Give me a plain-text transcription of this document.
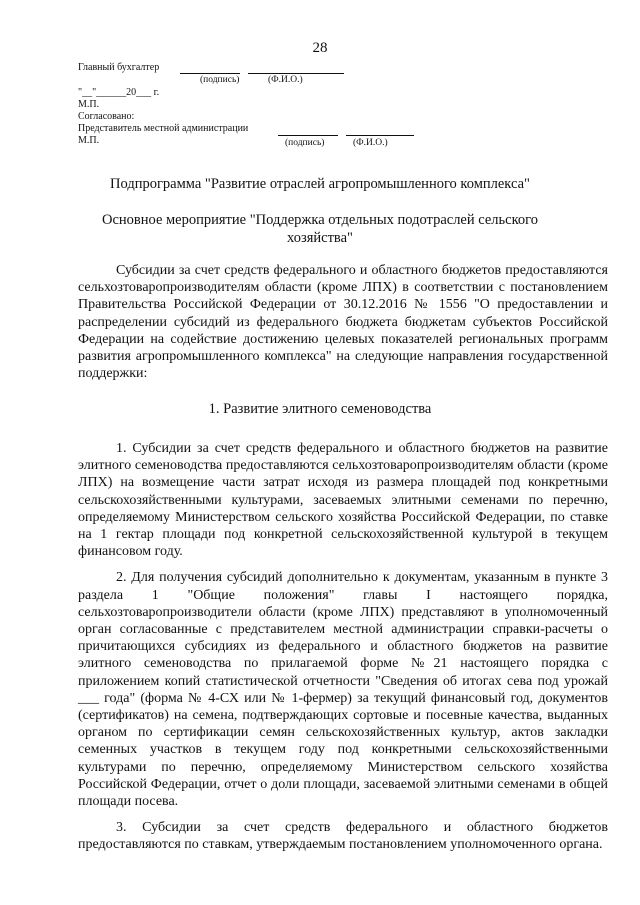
28
Главный бухгалтер
(подпись)	(Ф.И.О.)
"__"______20___ г.
М.П.
Согласовано:
Представитель местной администрации
М.П.	(подпись)	(Ф.И.О.)
Подпрограмма "Развитие отраслей агропромышленного комплекса"
Основное мероприятие "Поддержка отдельных подотраслей сельского
хозяйства"

Субсидии за счет средств федерального и областного бюджетов предоставляются сельхозтоваропроизводителям области (кроме ЛПХ) в соответствии с постановлением Правительства Российской Федерации от 30.12.2016 № 1556 "О предоставлении и распределении субсидий из федерального бюджета бюджетам субъектов Российской Федерации на содействие достижению целевых показателей региональных программ развития агропромышленного комплекса" на следующие направления государственной поддержки:

1. Развитие элитного семеноводства

1. Субсидии за счет средств федерального и областного бюджетов на развитие элитного семеноводства предоставляются сельхозтоваропроизводителям области (кроме ЛПХ) на возмещение части затрат исходя из размера площадей под конкретными сельскохозяйственными культурами, засеваемых элитными семенами по перечню, определяемому Министерством сельского хозяйства Российской Федерации, по ставке на 1 гектар площади под конкретной сельскохозяйственной культурой в текущем финансовом году.

2. Для получения субсидий дополнительно к документам, указанным в пункте 3 раздела 1 "Общие положения" главы I настоящего порядка, сельхозтоваропроизводители области (кроме ЛПХ) представляют в уполномоченный орган согласованные с представителем местной администрации справки-расчеты о причитающихся субсидиях из федерального и областного бюджетов на развитие элитного семеноводства по прилагаемой форме №21 настоящего порядка с приложением копий статистической отчетности "Сведения об итогах сева под урожай ___ года" (форма № 4-СХ или № 1-фермер) за текущий финансовый год, документов (сертификатов) на семена, подтверждающих сортовые и посевные качества, выданных органом по сертификации семян сельскохозяйственных культур, актов закладки семенных участков в текущем году под конкретными сельскохозяйственными культурами по перечню, определяемому Министерством сельского хозяйства Российской Федерации, отчет о доли площади, засеваемой элитными семенами в общей площади посева.

3. Субсидии за счет средств федерального и областного бюджетов предоставляются по ставкам, утверждаемым постановлением уполномоченного органа.
